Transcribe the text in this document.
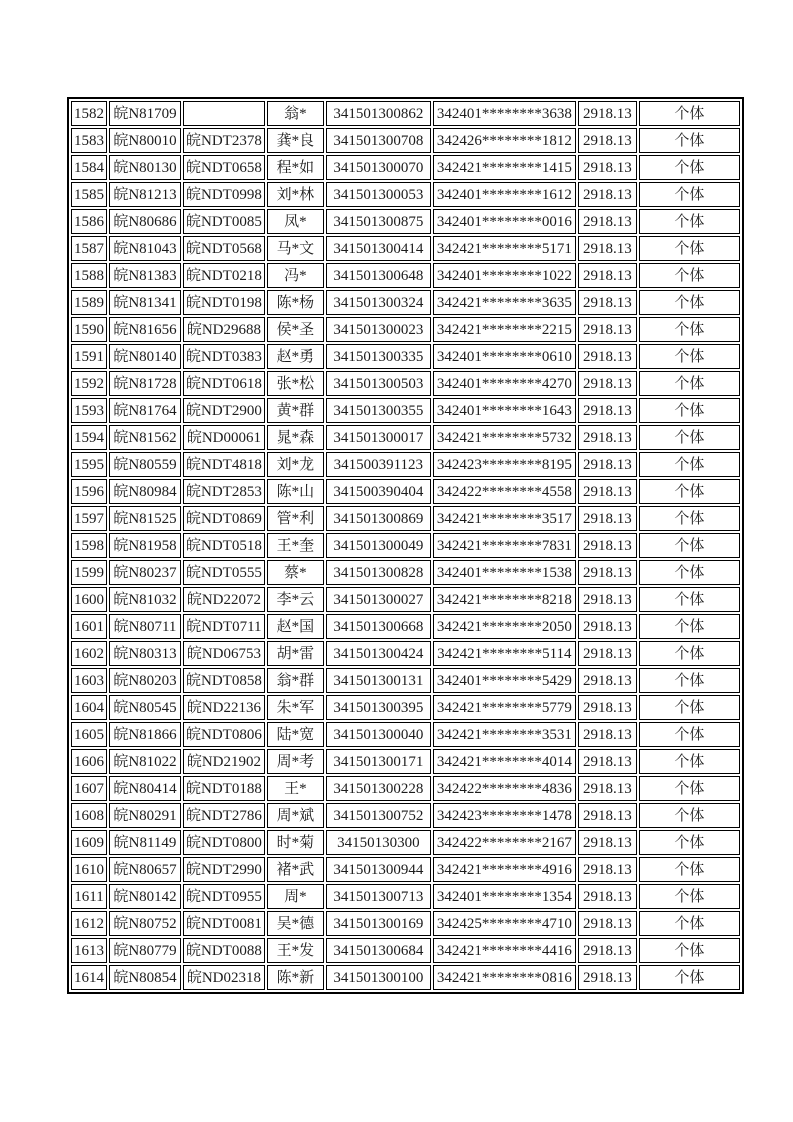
1582	皖N81709		翁*	341501300862	342401********3638	2918.13	个体
1583	皖N80010	皖NDT2378	龚*良	341501300708	342426********1812	2918.13	个体
1584	皖N80130	皖NDT0658	程*如	341501300070	342421********1415	2918.13	个体
1585	皖N81213	皖NDT0998	刘*林	341501300053	342401********1612	2918.13	个体
1586	皖N80686	皖NDT0085	凤*	341501300875	342401********0016	2918.13	个体
1587	皖N81043	皖NDT0568	马*文	341501300414	342421********5171	2918.13	个体
1588	皖N81383	皖NDT0218	冯*	341501300648	342401********1022	2918.13	个体
1589	皖N81341	皖NDT0198	陈*杨	341501300324	342421********3635	2918.13	个体
1590	皖N81656	皖ND29688	侯*圣	341501300023	342421********2215	2918.13	个体
1591	皖N80140	皖NDT0383	赵*勇	341501300335	342401********0610	2918.13	个体
1592	皖N81728	皖NDT0618	张*松	341501300503	342401********4270	2918.13	个体
1593	皖N81764	皖NDT2900	黄*群	341501300355	342401********1643	2918.13	个体
1594	皖N81562	皖ND00061	晁*森	341501300017	342421********5732	2918.13	个体
1595	皖N80559	皖NDT4818	刘*龙	341500391123	342423********8195	2918.13	个体
1596	皖N80984	皖NDT2853	陈*山	341500390404	342422********4558	2918.13	个体
1597	皖N81525	皖NDT0869	管*利	341501300869	342421********3517	2918.13	个体
1598	皖N81958	皖NDT0518	王*奎	341501300049	342421********7831	2918.13	个体
1599	皖N80237	皖NDT0555	蔡*	341501300828	342401********1538	2918.13	个体
1600	皖N81032	皖ND22072	李*云	341501300027	342421********8218	2918.13	个体
1601	皖N80711	皖NDT0711	赵*国	341501300668	342421********2050	2918.13	个体
1602	皖N80313	皖ND06753	胡*雷	341501300424	342421********5114	2918.13	个体
1603	皖N80203	皖NDT0858	翁*群	341501300131	342401********5429	2918.13	个体
1604	皖N80545	皖ND22136	朱*军	341501300395	342421********5779	2918.13	个体
1605	皖N81866	皖NDT0806	陆*宽	341501300040	342421********3531	2918.13	个体
1606	皖N81022	皖ND21902	周*考	341501300171	342421********4014	2918.13	个体
1607	皖N80414	皖NDT0188	王*	341501300228	342422********4836	2918.13	个体
1608	皖N80291	皖NDT2786	周*斌	341501300752	342423********1478	2918.13	个体
1609	皖N81149	皖NDT0800	时*菊	34150130300	342422********2167	2918.13	个体
1610	皖N80657	皖NDT2990	褚*武	341501300944	342421********4916	2918.13	个体
1611	皖N80142	皖NDT0955	周*	341501300713	342401********1354	2918.13	个体
1612	皖N80752	皖NDT0081	吴*德	341501300169	342425********4710	2918.13	个体
1613	皖N80779	皖NDT0088	王*发	341501300684	342421********4416	2918.13	个体
1614	皖N80854	皖ND02318	陈*新	341501300100	342421********0816	2918.13	个体
